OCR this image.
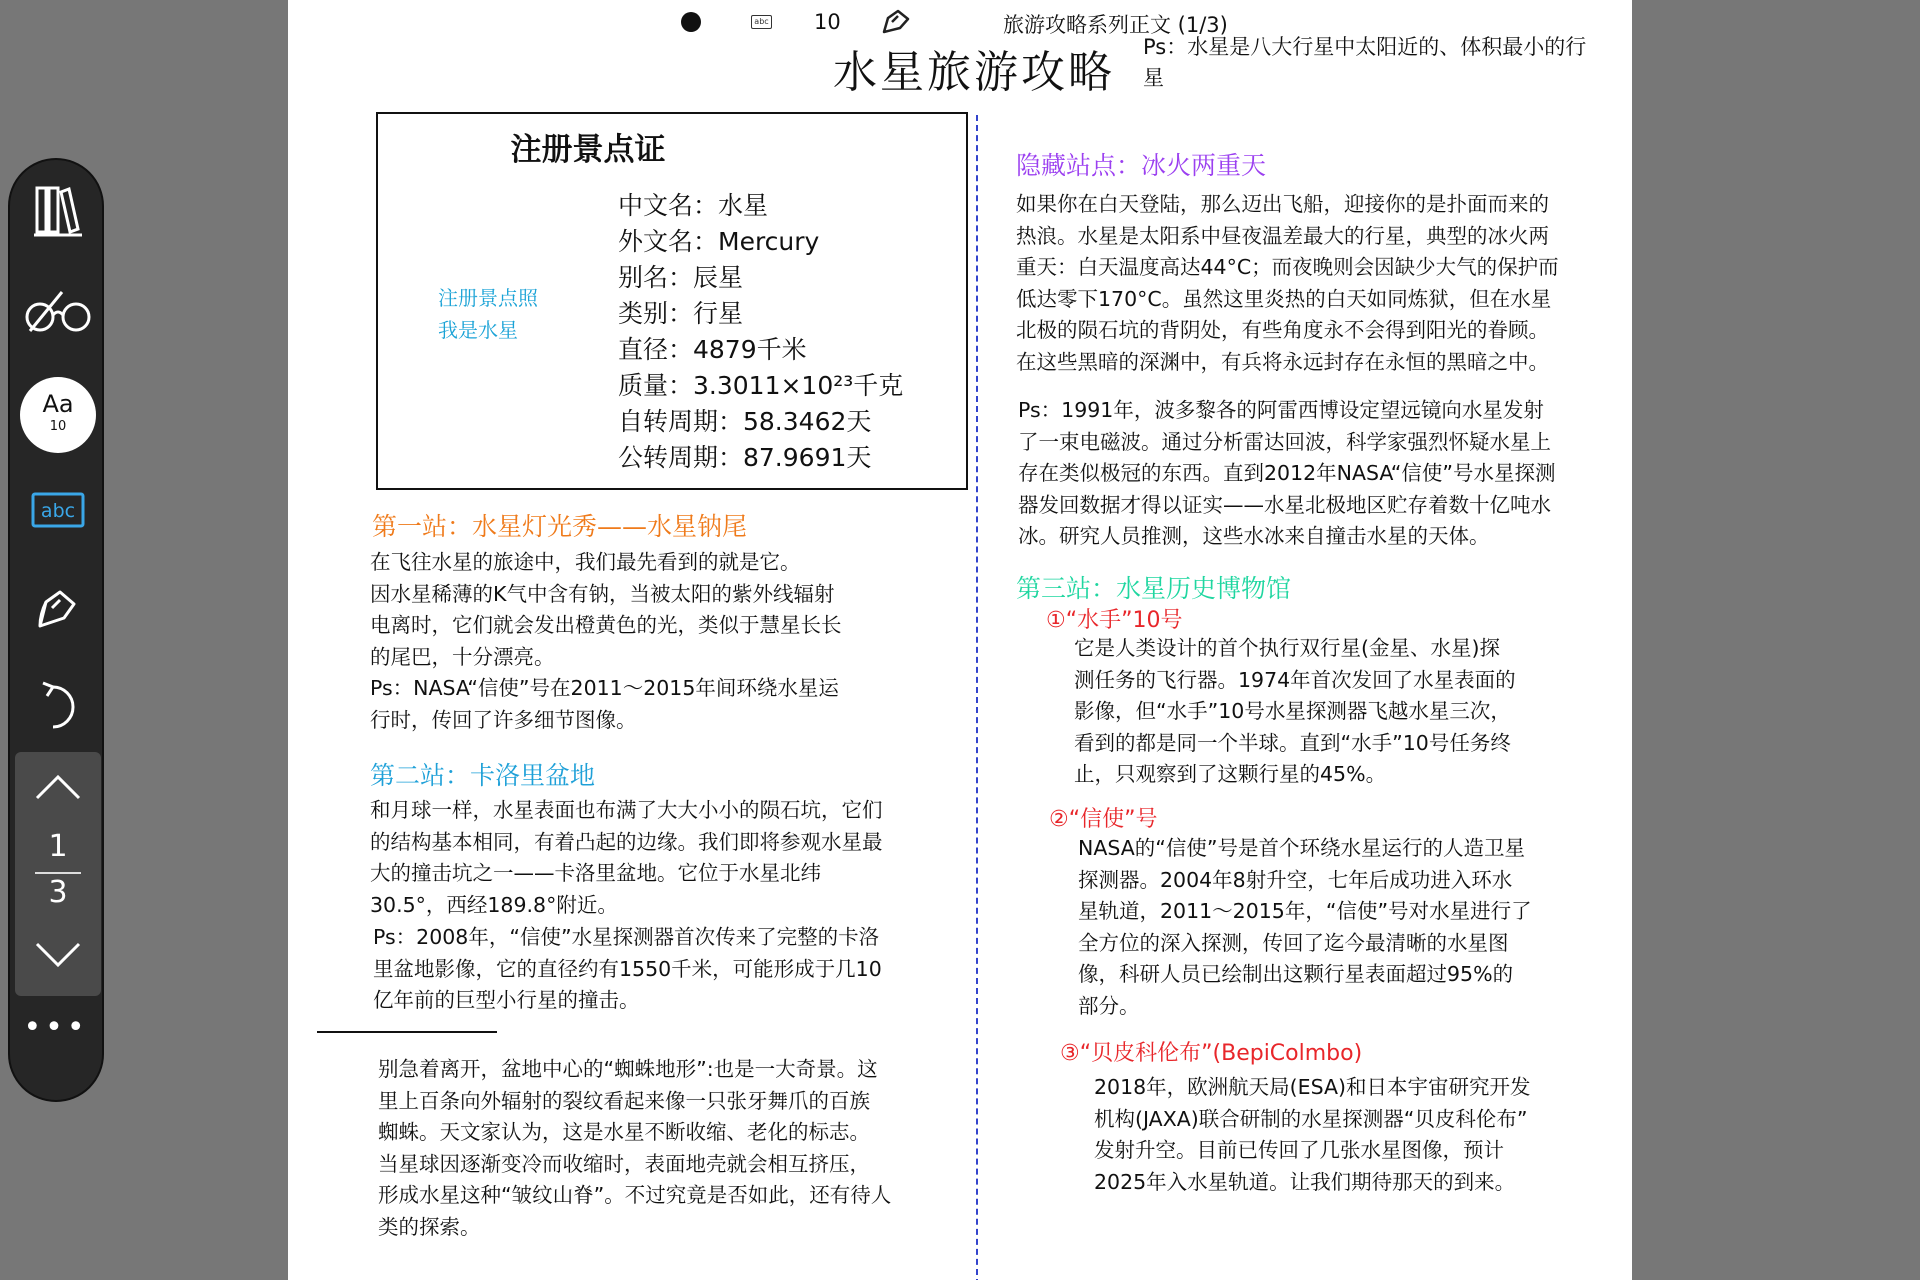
Aa
10
abc
1
3
•••
abc 10	旅游攻略系列正文 (1/3)
水星旅游攻略 Ps：水星是八大行星中太阳近的、体积最小的行星
注册景点证
注册景点照
我是水星
中文名：水星
外文名：Mercury
别名：辰星
类别：行星
直径：4879千米
质量：3.3011×10²³千克
自转周期：58.3462天
公转周期：87.9691天
第一站：水星灯光秀——水星钠尾
在飞往水星的旅途中，我们最先看到的就是它。
因水星稀薄的K气中含有钠，当被太阳的紫外线辐射
电离时，它们就会发出橙黄色的光，类似于慧星长长
的尾巴，十分漂亮。
Ps：NASA“信使”号在2011～2015年间环绕水星运
行时，传回了许多细节图像。
第二站：卡洛里盆地
和月球一样，水星表面也布满了大大小小的陨石坑，它们
的结构基本相同，有着凸起的边缘。我们即将参观水星最
大的撞击坑之一——卡洛里盆地。它位于水星北纬
30.5°，西经189.8°附近。
Ps：2008年，“信使”水星探测器首次传来了完整的卡洛
里盆地影像，它的直径约有1550千米，可能形成于几10
亿年前的巨型小行星的撞击。
别急着离开，盆地中心的“蜘蛛地形”:也是一大奇景。这
里上百条向外辐射的裂纹看起来像一只张牙舞爪的百族
蜘蛛。天文家认为，这是水星不断收缩、老化的标志。
当星球因逐渐变冷而收缩时，表面地壳就会相互挤压，
形成水星这种“皱纹山脊”。不过究竟是否如此，还有待人
类的探索。
隐藏站点：冰火两重天
如果你在白天登陆，那么迈出飞船，迎接你的是扑面而来的
热浪。水星是太阳系中昼夜温差最大的行星，典型的冰火两
重天：白天温度高达44°C；而夜晚则会因缺少大气的保护而
低达零下170°C。虽然这里炎热的白天如同炼狱，但在水星
北极的陨石坑的背阴处，有些角度永不会得到阳光的眷顾。
在这些黑暗的深渊中，有兵将永远封存在永恒的黑暗之中。
Ps：1991年，波多黎各的阿雷西博设定望远镜向水星发射
了一束电磁波。通过分析雷达回波，科学家强烈怀疑水星上
存在类似极冠的东西。直到2012年NASA“信使”号水星探测
器发回数据才得以证实——水星北极地区贮存着数十亿吨水
冰。研究人员推测，这些水冰来自撞击水星的天体。
第三站：水星历史博物馆
①“水手”10号
它是人类设计的首个执行双行星(金星、水星)探
测任务的飞行器。1974年首次发回了水星表面的
影像，但“水手”10号水星探测器飞越水星三次，
看到的都是同一个半球。直到“水手”10号任务终
止，只观察到了这颗行星的45%。
②“信使”号
NASA的“信使”号是首个环绕水星运行的人造卫星
探测器。2004年8射升空，七年后成功进入环水
星轨道，2011～2015年，“信使”号对水星进行了
全方位的深入探测，传回了迄今最清晰的水星图
像，科研人员已绘制出这颗行星表面超过95%的
部分。
③“贝皮科伦布”(BepiColmbo)
2018年，欧洲航天局(ESA)和日本宇宙研究开发
机构(JAXA)联合研制的水星探测器“贝皮科伦布”
发射升空。目前已传回了几张水星图像，预计
2025年入水星轨道。让我们期待那天的到来。
